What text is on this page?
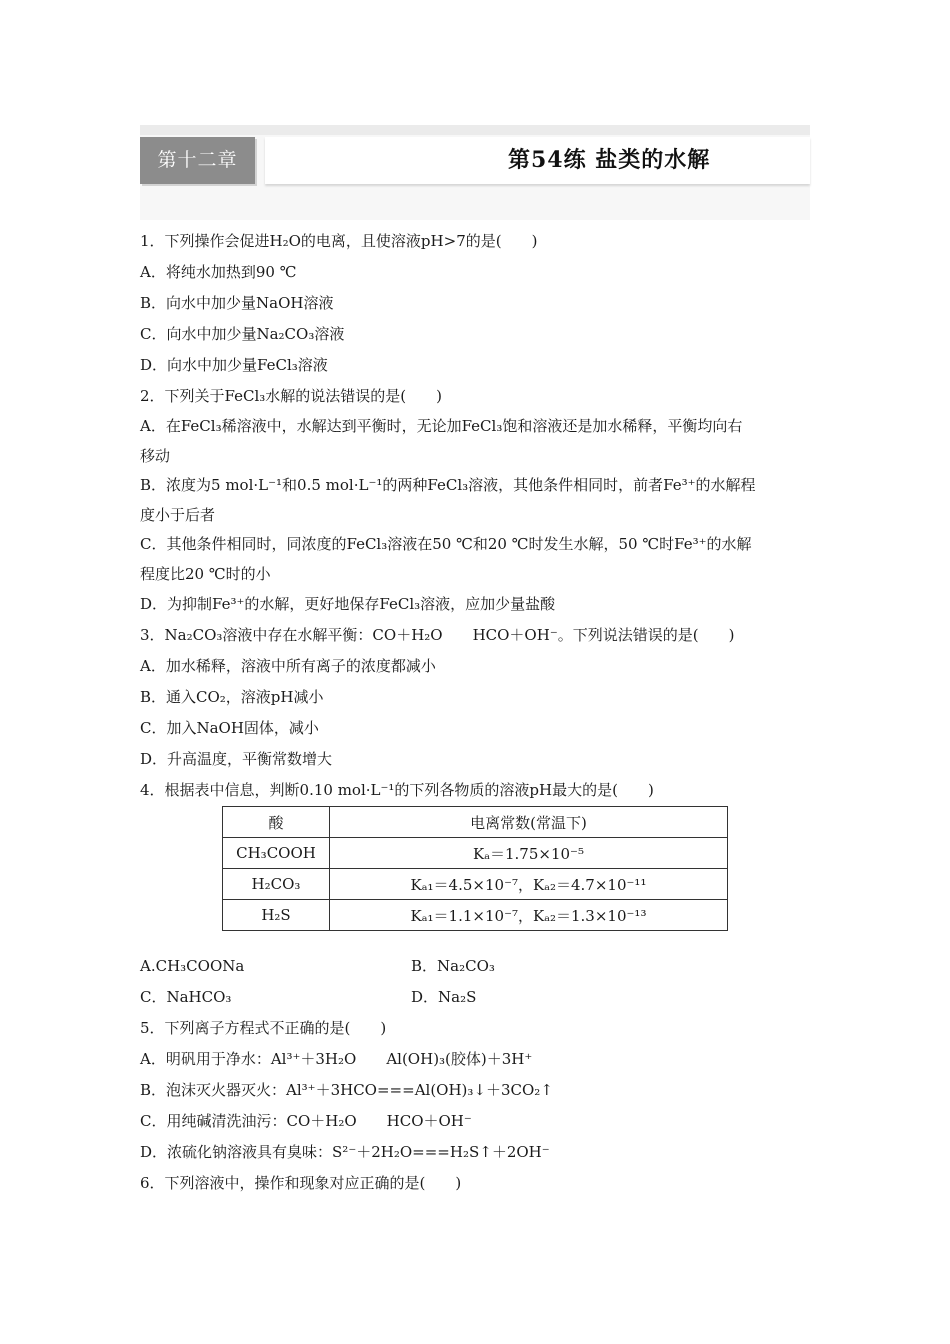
第十二章	第54练 盐类的水解
1．下列操作会促进H₂O的电离，且使溶液pH>7的是(　　)
A．将纯水加热到90 ℃
B．向水中加少量NaOH溶液
C．向水中加少量Na₂CO₃溶液
D．向水中加少量FeCl₃溶液
2．下列关于FeCl₃水解的说法错误的是(　　)
A．在FeCl₃稀溶液中，水解达到平衡时，无论加FeCl₃饱和溶液还是加水稀释，平衡均向右
移动
B．浓度为5 mol·L⁻¹和0.5 mol·L⁻¹的两种FeCl₃溶液，其他条件相同时，前者Fe³⁺的水解程
度小于后者
C．其他条件相同时，同浓度的FeCl₃溶液在50 ℃和20 ℃时发生水解，50 ℃时Fe³⁺的水解
程度比20 ℃时的小
D．为抑制Fe³⁺的水解，更好地保存FeCl₃溶液，应加少量盐酸
3．Na₂CO₃溶液中存在水解平衡：CO＋H₂O　　HCO＋OH⁻。下列说法错误的是(　　)
A．加水稀释，溶液中所有离子的浓度都减小
B．通入CO₂，溶液pH减小
C．加入NaOH固体，减小
D．升高温度，平衡常数增大
4．根据表中信息，判断0.10 mol·L⁻¹的下列各物质的溶液pH最大的是(　　)
酸	电离常数(常温下)
CH₃COOH	Kₐ＝1.75×10⁻⁵
H₂CO₃	Kₐ₁＝4.5×10⁻⁷，Kₐ₂＝4.7×10⁻¹¹
H₂S	Kₐ₁＝1.1×10⁻⁷，Kₐ₂＝1.3×10⁻¹³
A.CH₃COONa	B．Na₂CO₃
C．NaHCO₃	D．Na₂S
5．下列离子方程式不正确的是(　　)
A．明矾用于净水：Al³⁺＋3H₂O　　Al(OH)₃(胶体)＋3H⁺
B．泡沫灭火器灭火：Al³⁺＋3HCO===Al(OH)₃↓＋3CO₂↑
C．用纯碱清洗油污：CO＋H₂O　　HCO＋OH⁻
D．浓硫化钠溶液具有臭味：S²⁻＋2H₂O===H₂S↑＋2OH⁻
6．下列溶液中，操作和现象对应正确的是(　　)
